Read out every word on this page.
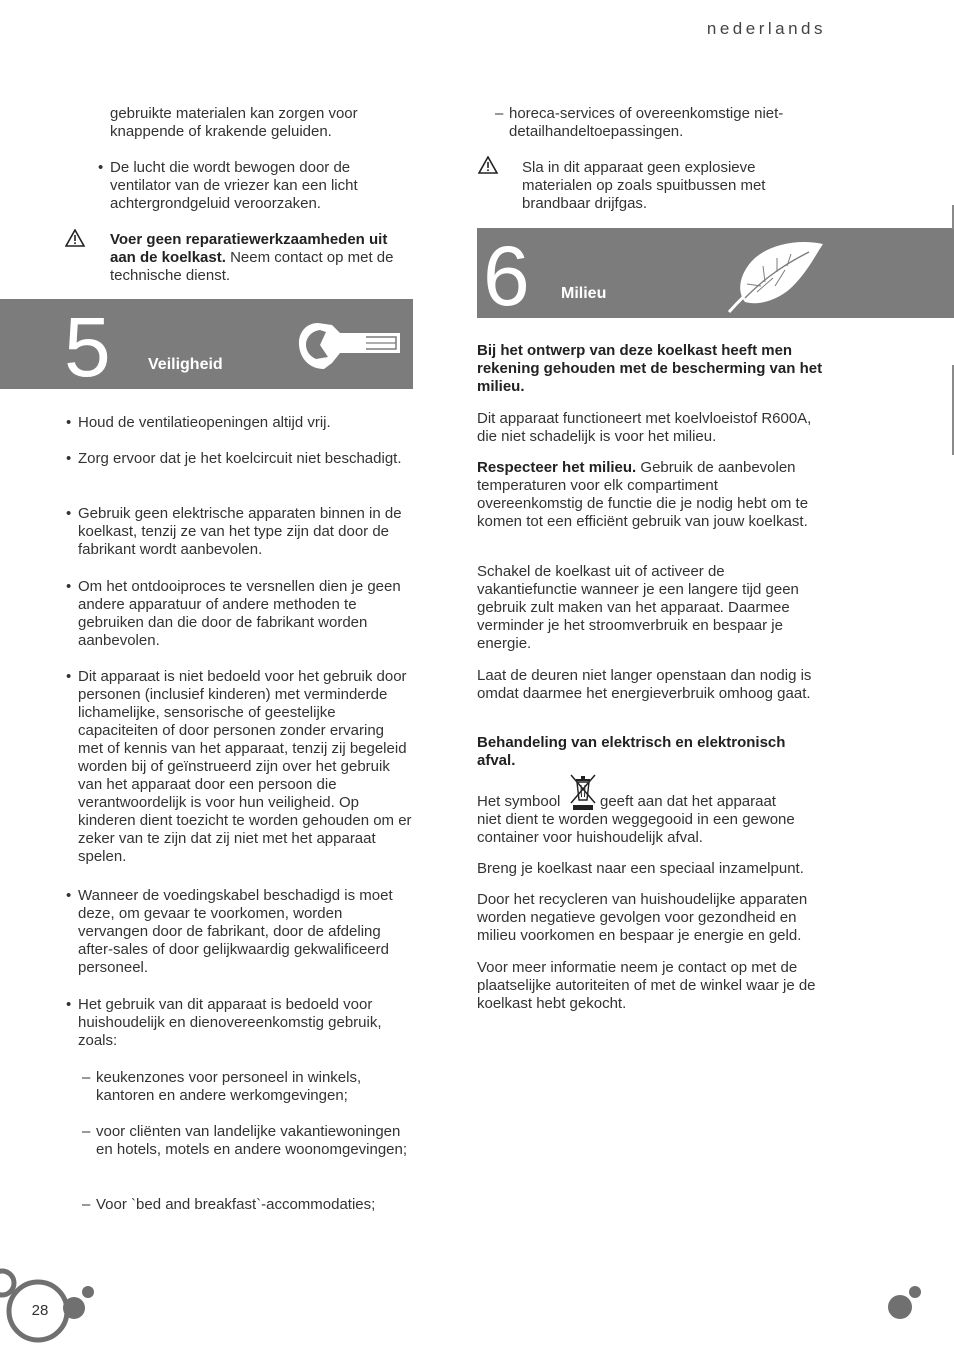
nederlands

gebruikte materialen kan zorgen voor knappende of krakende geluiden.

• De lucht die wordt bewogen door de ventilator van de vriezer kan een licht achtergrondgeluid veroorzaken.

Voer geen reparatiewerkzaamheden uit aan de koelkast. Neem contact op met de technische dienst.

5 Veiligheid
• Houd de ventilatieopeningen altijd vrij.
• Zorg ervoor dat je het koelcircuit niet beschadigt.
• Gebruik geen elektrische apparaten binnen in de koelkast, tenzij ze van het type zijn dat door de fabrikant wordt aanbevolen.
• Om het ontdooiproces te versnellen dien je geen andere apparatuur of andere methoden te gebruiken dan die door de fabrikant worden aanbevolen.
• Dit apparaat is niet bedoeld voor het gebruik door personen (inclusief kinderen) met verminderde lichamelijke, sensorische of geestelijke capaciteiten of door personen zonder ervaring met of kennis van het apparaat, tenzij zij begeleid worden bij of geïnstrueerd zijn over het gebruik van het apparaat door een persoon die verantwoordelijk is voor hun veiligheid. Op kinderen dient toezicht te worden gehouden om er zeker van te zijn dat zij niet met het apparaat spelen.
• Wanneer de voedingskabel beschadigd is moet deze, om gevaar te voorkomen, worden vervangen door de fabrikant, door de afdeling after-sales of door gelijkwaardig gekwalificeerd personeel.
• Het gebruik van dit apparaat is bedoeld voor huishoudelijk en dienovereenkomstig gebruik, zoals:
– keukenzones voor personeel in winkels, kantoren en andere werkomgevingen;
– voor cliënten van landelijke vakantiewoningen en hotels, motels en andere woonomgevingen;
– Voor `bed and breakfast`-accommodaties;
– horeca-services of overeenkomstige niet-detailhandeltoepassingen.

Sla in dit apparaat geen explosieve materialen op zoals spuitbussen met brandbaar drijfgas.

6 Milieu

Bij het ontwerp van deze koelkast heeft men rekening gehouden met de bescherming van het milieu.

Dit apparaat functioneert met koelvloeistof R600A, die niet schadelijk is voor het milieu.

Respecteer het milieu. Gebruik de aanbevolen temperaturen voor elk compartiment overeenkomstig de functie die je nodig hebt om te komen tot een efficiënt gebruik van jouw koelkast.

Schakel de koelkast uit of activeer de vakantiefunctie wanneer je een langere tijd geen gebruik zult maken van het apparaat. Daarmee verminder je het stroomverbruik en bespaar je energie.

Laat de deuren niet langer openstaan dan nodig is omdat daarmee het energieverbruik omhoog gaat.

Behandeling van elektrisch en elektronisch afval.

Het symbool	geeft aan dat het apparaat

niet dient te worden weggegooid in een gewone container voor huishoudelijk afval.

Breng je koelkast naar een speciaal inzamelpunt.

Door het recycleren van huishoudelijke apparaten worden negatieve gevolgen voor gezondheid en milieu voorkomen en bespaar je energie en geld.

Voor meer informatie neem je contact op met de plaatselijke autoriteiten of met de winkel waar je de koelkast hebt gekocht.

28
